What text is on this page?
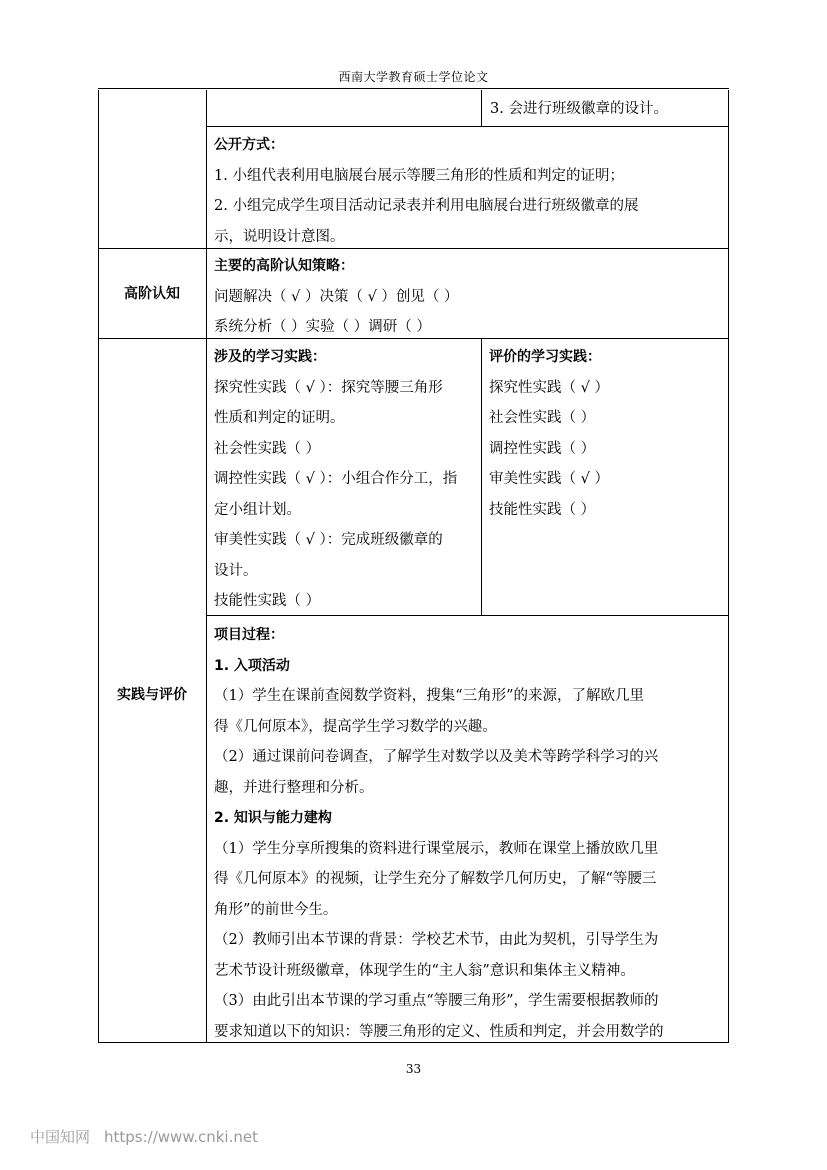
西南大学教育硕士学位论文

3. 会进行班级徽章的设计。

公开方式：

1. 小组代表利用电脑展台展示等腰三角形的性质和判定的证明；

2. 小组完成学生项目活动记录表并利用电脑展台进行班级徽章的展

示，说明设计意图。

高阶认知

主要的高阶认知策略：

问题解决（ √ ）决策（ √ ）创见（ ）

系统分析（ ）实验（ ）调研（ ）

实践与评价

涉及的学习实践：

探究性实践（ √ ）：探究等腰三角形

性质和判定的证明。

社会性实践（ ）

调控性实践（ √ ）：小组合作分工，指

定小组计划。

审美性实践（ √ ）：完成班级徽章的

设计。

技能性实践（ ）

评价的学习实践：

探究性实践（ √ ）

社会性实践（ ）

调控性实践（ ）

审美性实践（ √ ）

技能性实践（ ）

项目过程：

1. 入项活动

（1）学生在课前查阅数学资料，搜集“三角形”的来源，了解欧几里

得《几何原本》，提高学生学习数学的兴趣。

（2）通过课前问卷调查，了解学生对数学以及美术等跨学科学习的兴

趣，并进行整理和分析。

2. 知识与能力建构

（1）学生分享所搜集的资料进行课堂展示，教师在课堂上播放欧几里

得《几何原本》的视频，让学生充分了解数学几何历史，了解“等腰三

角形”的前世今生。

（2）教师引出本节课的背景：学校艺术节，由此为契机，引导学生为

艺术节设计班级徽章，体现学生的“主人翁”意识和集体主义精神。

（3）由此引出本节课的学习重点“等腰三角形”，学生需要根据教师的

要求知道以下的知识：等腰三角形的定义、性质和判定，并会用数学的

33
中国知网 https://www.cnki.net
